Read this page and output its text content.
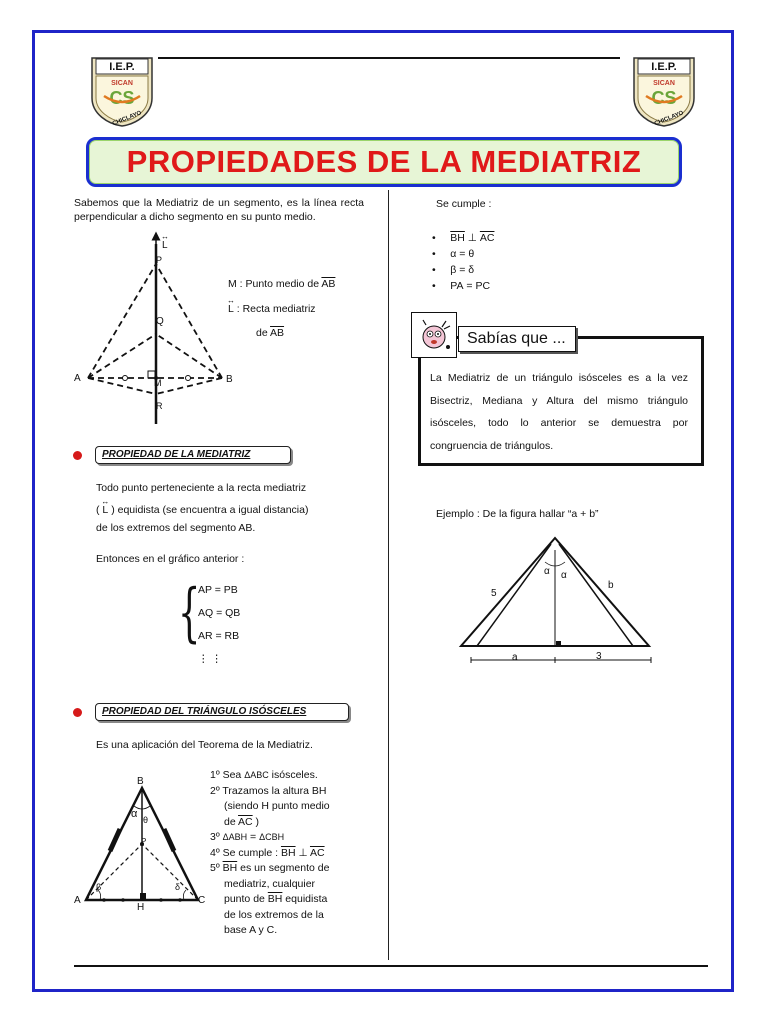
I.E.P.
SICAN
CS
CHICLAYO
I.E.P.
SICAN
CS
CHICLAYO
PROPIEDADES DE LA MEDIATRIZ
Sabemos que la Mediatriz de un segmento, es la línea recta perpendicular a dicho segmento en su punto medio.
↔
L
P
Q
A	B
M
R
M : Punto medio de $\overline{AB}$
↔
L : Recta mediatriz
de $\overline{AB}$
PROPIEDAD DE LA MEDIATRIZ
Todo punto perteneciente a la recta mediatriz
(
↔
L ) equidista (se encuentra a igual distancia)
de los extremos del segmento AB.
Entonces en el gráfico anterior :
{
AP = PB
AQ = QB
AR = RB
⋮ ⋮
PROPIEDAD DEL TRIÁNGULO ISÓSCELES
Es una aplicación del Teorema de la Mediatriz.
B
A	C
H
P
α θ
β	δ
1º Sea ΔABC isósceles.
2º Trazamos la altura BH
(siendo H punto medio
de $\overline{AC}$ )
3º ΔABH = ΔCBH
4º Se cumple : $\overline{BH}$ ⊥ $\overline{AC}$
5º $\overline{BH}$ es un segmento de
mediatriz, cualquier
punto de $\overline{BH}$ equidista
de los extremos de la
base A y C.
Se cumple :
•     $\overline{BH}$ ⊥ $\overline{AC}$
•     α = θ
•     β = δ
•     PA = PC
Sabías que ...
La Mediatriz de un triángulo isósceles es a la vez Bisectriz, Mediana y Altura del mismo triángulo isósceles, todo lo anterior se demuestra por congruencia de triángulos.
Ejemplo : De la figura hallar “a + b”
5
b
a	3
α α
